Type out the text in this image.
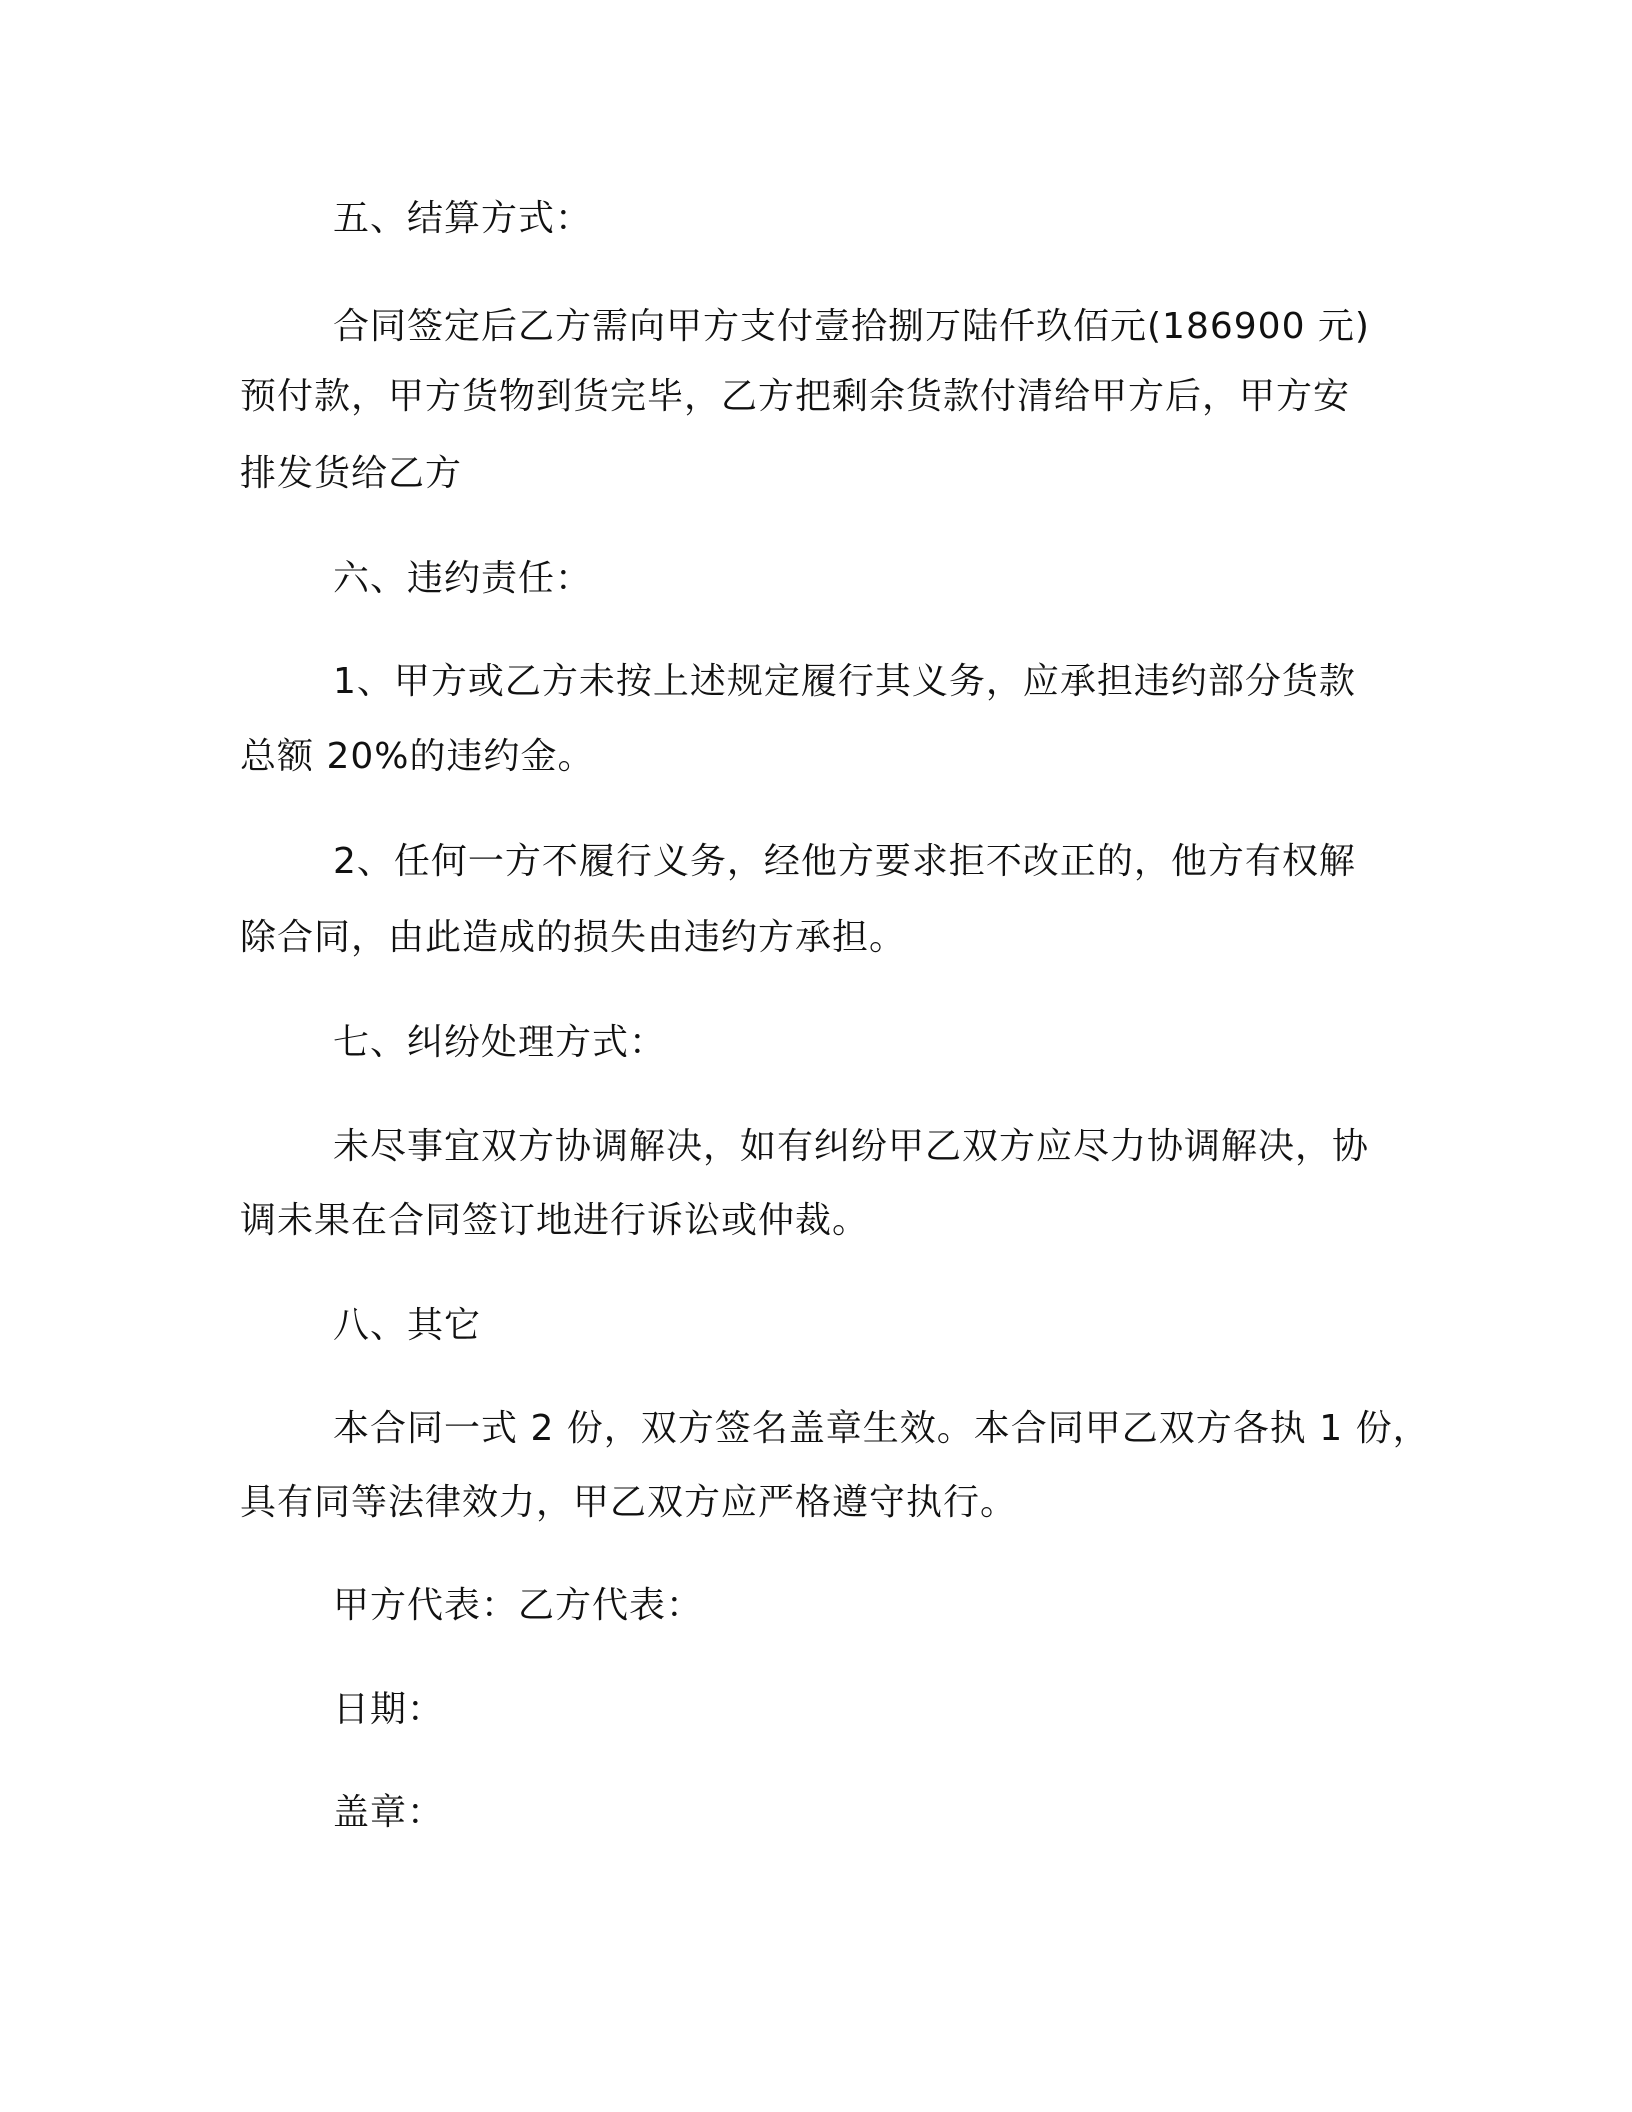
五、结算方式：

合同签定后乙方需向甲方支付壹拾捌万陆仟玖佰元(186900 元)

预付款，甲方货物到货完毕，乙方把剩余货款付清给甲方后，甲方安

排发货给乙方

六、违约责任：

1、甲方或乙方未按上述规定履行其义务，应承担违约部分货款

总额 20%的违约金。

2、任何一方不履行义务，经他方要求拒不改正的，他方有权解

除合同，由此造成的损失由违约方承担。

七、纠纷处理方式：

未尽事宜双方协调解决，如有纠纷甲乙双方应尽力协调解决，协

调未果在合同签订地进行诉讼或仲裁。

八、其它

本合同一式 2 份，双方签名盖章生效。本合同甲乙双方各执 1 份，

具有同等法律效力，甲乙双方应严格遵守执行。

甲方代表：乙方代表：

日期：

盖章：
